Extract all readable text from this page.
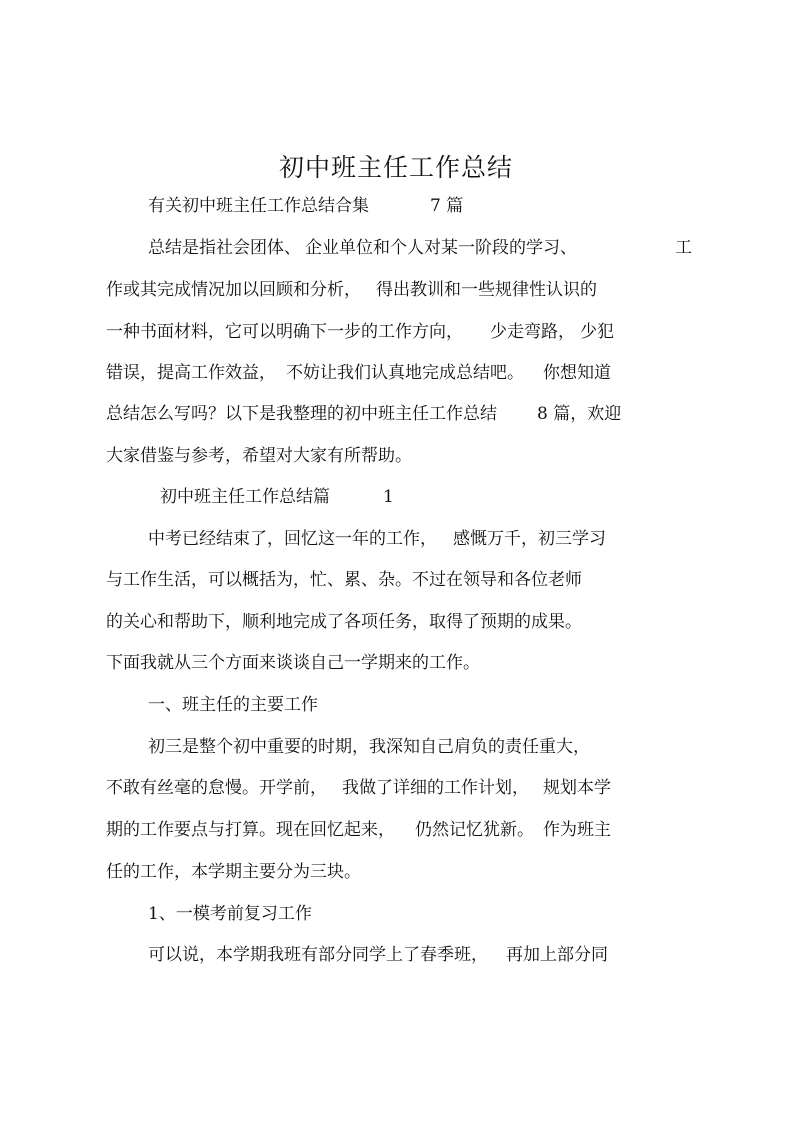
初中班主任工作总结
有关初中班主任工作总结合集	7 篇
总结是指社会团体、 企业单位和个人对某一阶段的学习、	工
作或其完成情况加以回顾和分析， 得出教训和一些规律性认识的
一种书面材料，它可以明确下一步的工作方向， 少走弯路， 少犯
错误，提高工作效益， 不妨让我们认真地完成总结吧。 你想知道
总结怎么写吗？以下是我整理的初中班主任工作总结 8 篇，欢迎
大家借鉴与参考，希望对大家有所帮助。
初中班主任工作总结篇	1
中考已经结束了，回忆这一年的工作， 感慨万千，初三学习
与工作生活，可以概括为，忙、累、杂。不过在领导和各位老师
的关心和帮助下，顺利地完成了各项任务，取得了预期的成果。
下面我就从三个方面来谈谈自己一学期来的工作。
一、班主任的主要工作
初三是整个初中重要的时期，我深知自己肩负的责任重大，
不敢有丝毫的怠慢。开学前， 我做了详细的工作计划， 规划本学
期的工作要点与打算。现在回忆起来， 仍然记忆犹新。 作为班主
任的工作，本学期主要分为三块。
1、一模考前复习工作
可以说，本学期我班有部分同学上了春季班， 再加上部分同
